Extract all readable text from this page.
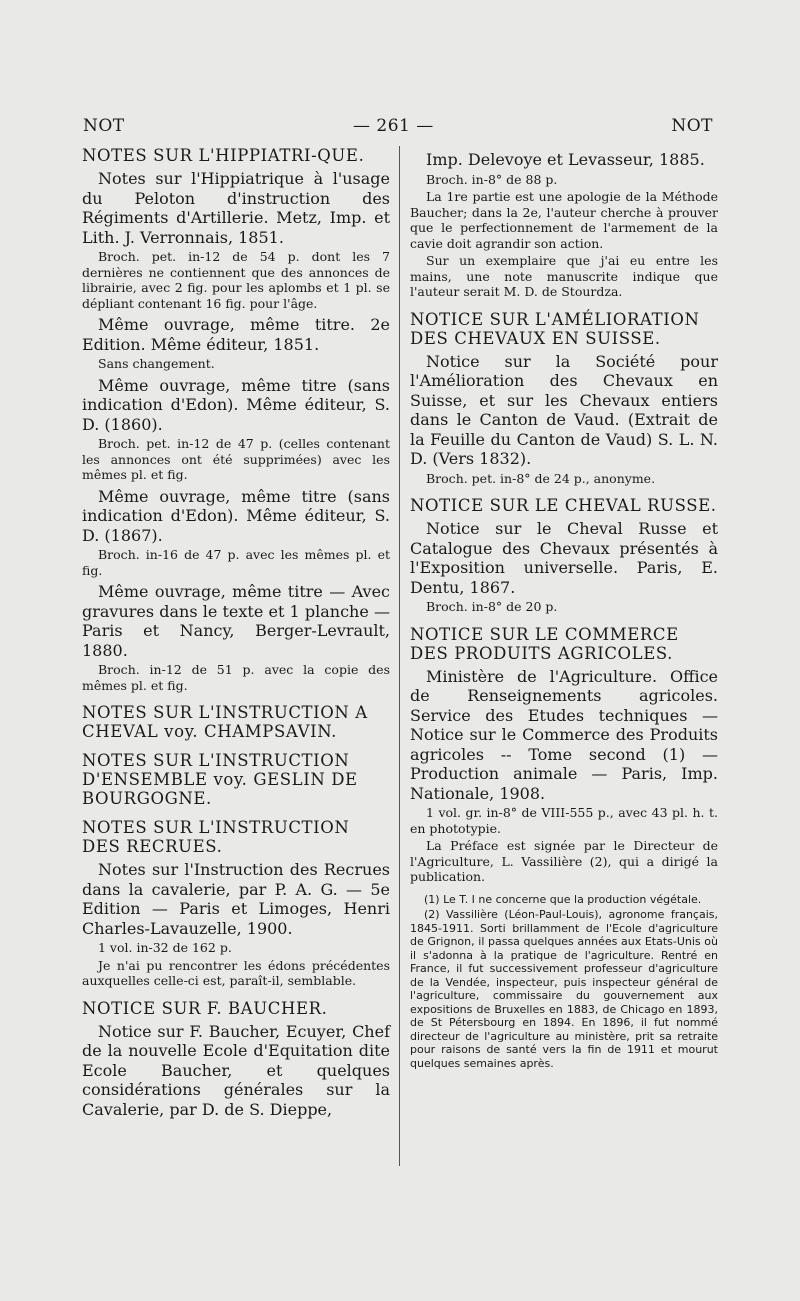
NOT	— 261 —	NOT
NOTES SUR L'HIPPIATRI-QUE.
Notes sur l'Hippiatrique à l'usage du Peloton d'instruction des Régiments d'Artillerie. Metz, Imp. et Lith. J. Verronnais, 1851.
Broch. pet. in-12 de 54 p. dont les 7 dernières ne contiennent que des annonces de librairie, avec 2 fig. pour les aplombs et 1 pl. se dépliant contenant 16 fig. pour l'âge.
Même ouvrage, même titre. 2e Edition. Même éditeur, 1851.
Sans changement.
Même ouvrage, même titre (sans indication d'Edon). Même éditeur, S. D. (1860).
Broch. pet. in-12 de 47 p. (celles contenant les annonces ont été supprimées) avec les mêmes pl. et fig.
Même ouvrage, même titre (sans indication d'Edon). Même éditeur, S. D. (1867).
Broch. in-16 de 47 p. avec les mêmes pl. et fig.
Même ouvrage, même titre — Avec gravures dans le texte et 1 planche — Paris et Nancy, Berger-Levrault, 1880.
Broch. in-12 de 51 p. avec la copie des mêmes pl. et fig.
NOTES SUR L'INSTRUCTION A CHEVAL voy. CHAMPSAVIN.
NOTES SUR L'INSTRUCTION D'ENSEMBLE voy. GESLIN DE BOURGOGNE.
NOTES SUR L'INSTRUCTION DES RECRUES.
Notes sur l'Instruction des Recrues dans la cavalerie, par P. A. G. — 5e Edition — Paris et Limoges, Henri Charles-Lavauzelle, 1900.
1 vol. in-32 de 162 p.
Je n'ai pu rencontrer les édons précédentes auxquelles celle-ci est, paraît-il, semblable.
NOTICE SUR F. BAUCHER.
Notice sur F. Baucher, Ecuyer, Chef de la nouvelle Ecole d'Equitation dite Ecole Baucher, et quelques considérations générales sur la Cavalerie, par D. de S. Dieppe,
Imp. Delevoye et Levasseur, 1885.
Broch. in-8° de 88 p.
La 1re partie est une apologie de la Méthode Baucher; dans la 2e, l'auteur cherche à prouver que le perfectionnement de l'armement de la cavie doit agrandir son action.
Sur un exemplaire que j'ai eu entre les mains, une note manuscrite indique que l'auteur serait M. D. de Stourdza.
NOTICE SUR L'AMÉLIORATION DES CHEVAUX EN SUISSE.
Notice sur la Société pour l'Amélioration des Chevaux en Suisse, et sur les Chevaux entiers dans le Canton de Vaud. (Extrait de la Feuille du Canton de Vaud) S. L. N. D. (Vers 1832).
Broch. pet. in-8° de 24 p., anonyme.
NOTICE SUR LE CHEVAL RUSSE.
Notice sur le Cheval Russe et Catalogue des Chevaux présentés à l'Exposition universelle. Paris, E. Dentu, 1867.
Broch. in-8° de 20 p.
NOTICE SUR LE COMMERCE DES PRODUITS AGRICOLES.
Ministère de l'Agriculture. Office de Renseignements agricoles. Service des Etudes techniques — Notice sur le Commerce des Produits agricoles -- Tome second (1) — Production animale — Paris, Imp. Nationale, 1908.
1 vol. gr. in-8° de VIII-555 p., avec 43 pl. h. t. en phototypie.
La Préface est signée par le Directeur de l'Agriculture, L. Vassilière (2), qui a dirigé la publication.
(1) Le T. I ne concerne que la production végétale.
(2) Vassilière (Léon-Paul-Louis), agronome français, 1845-1911. Sorti brillamment de l'Ecole d'agriculture de Grignon, il passa quelques années aux Etats-Unis où il s'adonna à la pratique de l'agriculture. Rentré en France, il fut successivement professeur d'agriculture de la Vendée, inspecteur, puis inspecteur général de l'agriculture, commissaire du gouvernement aux expositions de Bruxelles en 1883, de Chicago en 1893, de St Pétersbourg en 1894. En 1896, il fut nommé directeur de l'agriculture au ministère, prit sa retraite pour raisons de santé vers la fin de 1911 et mourut quelques semaines après.
